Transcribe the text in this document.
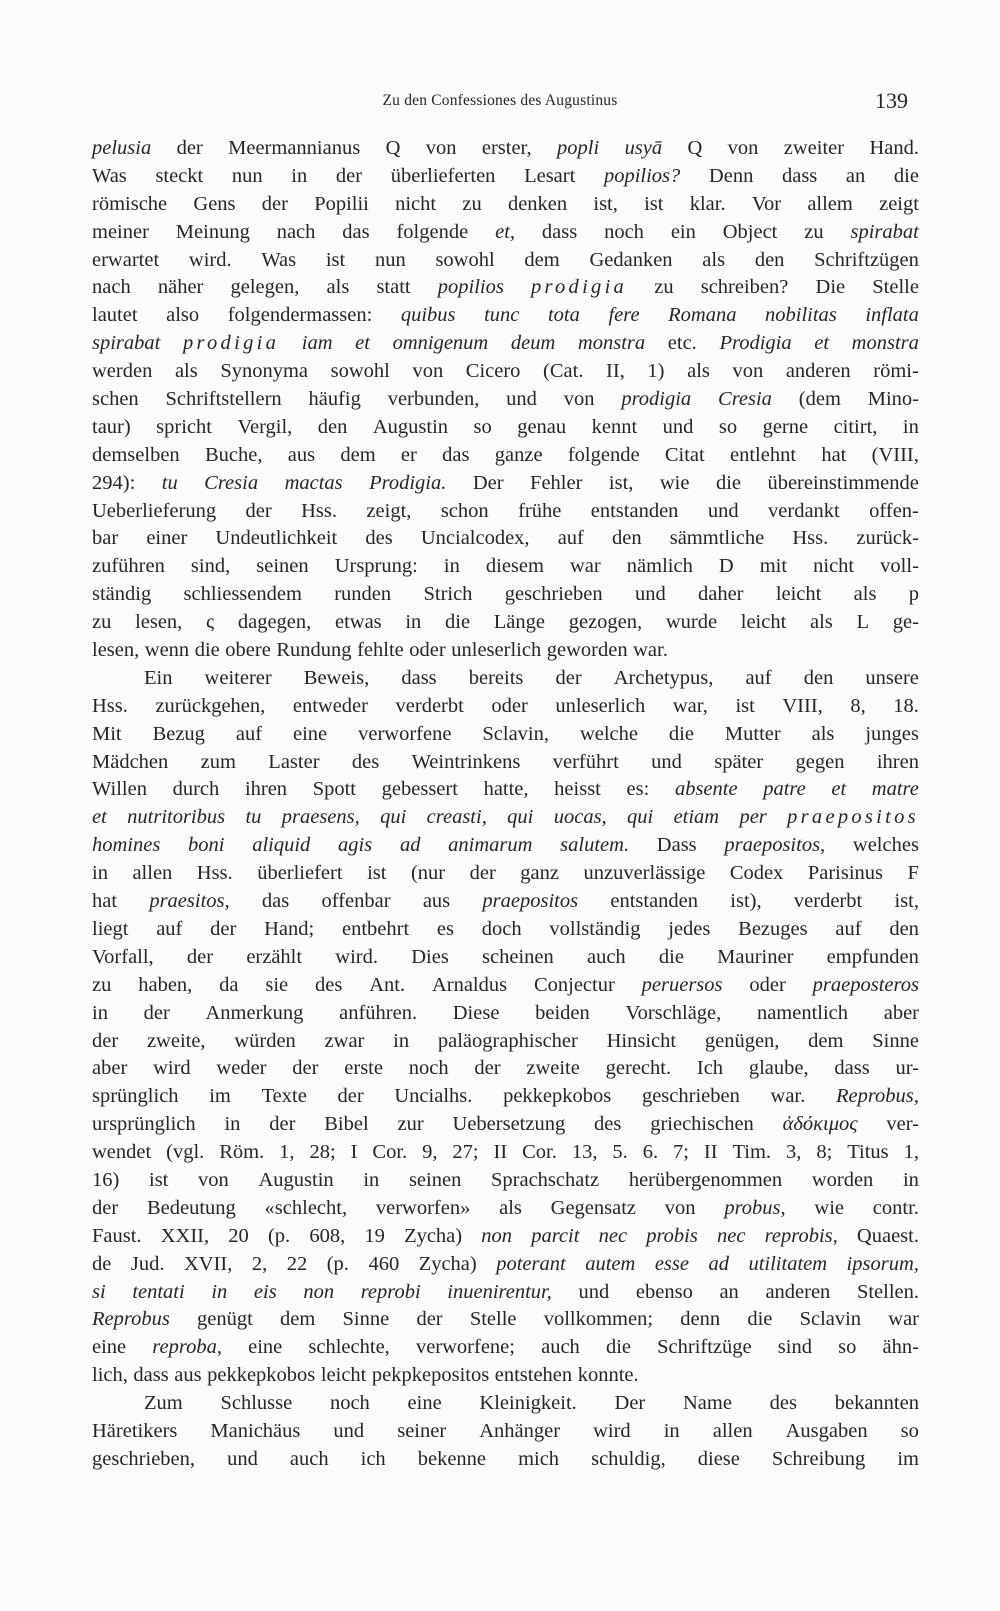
Zu den Confessiones des Augustinus	139
pelusia der Meermannianus Q von erster, popli usyā Q von zweiter Hand.
Was steckt nun in der überlieferten Lesart popilios? Denn dass an die
römische Gens der Popilii nicht zu denken ist, ist klar. Vor allem zeigt
meiner Meinung nach das folgende et, dass noch ein Object zu spirabat
erwartet wird. Was ist nun sowohl dem Gedanken als den Schriftzügen
nach näher gelegen, als statt popilios prodigia zu schreiben? Die Stelle
lautet also folgendermassen: quibus tunc tota fere Romana nobilitas inflata
spirabat prodigia iam et omnigenum deum monstra etc. Prodigia et monstra
werden als Synonyma sowohl von Cicero (Cat. II, 1) als von anderen römi-
schen Schriftstellern häufig verbunden, und von prodigia Cresia (dem Mino-
taur) spricht Vergil, den Augustin so genau kennt und so gerne citirt, in
demselben Buche, aus dem er das ganze folgende Citat entlehnt hat (VIII,
294): tu Cresia mactas Prodigia. Der Fehler ist, wie die übereinstimmende
Ueberlieferung der Hss. zeigt, schon frühe entstanden und verdankt offen-
bar einer Undeutlichkeit des Uncialcodex, auf den sämmtliche Hss. zurück-
zuführen sind, seinen Ursprung: in diesem war nämlich D mit nicht voll-
ständig schliessendem runden Strich geschrieben und daher leicht als p
zu lesen, ς dagegen, etwas in die Länge gezogen, wurde leicht als L ge-
lesen, wenn die obere Rundung fehlte oder unleserlich geworden war.
Ein weiterer Beweis, dass bereits der Archetypus, auf den unsere
Hss. zurückgehen, entweder verderbt oder unleserlich war, ist VIII, 8, 18.
Mit Bezug auf eine verworfene Sclavin, welche die Mutter als junges
Mädchen zum Laster des Weintrinkens verführt und später gegen ihren
Willen durch ihren Spott gebessert hatte, heisst es: absente patre et matre
et nutritoribus tu praesens, qui creasti, qui uocas, qui etiam per praepositos
homines boni aliquid agis ad animarum salutem. Dass praepositos, welches
in allen Hss. überliefert ist (nur der ganz unzuverlässige Codex Parisinus F
hat praesitos, das offenbar aus praepositos entstanden ist), verderbt ist,
liegt auf der Hand; entbehrt es doch vollständig jedes Bezuges auf den
Vorfall, der erzählt wird. Dies scheinen auch die Mauriner empfunden
zu haben, da sie des Ant. Arnaldus Conjectur peruersos oder praeposteros
in der Anmerkung anführen. Diese beiden Vorschläge, namentlich aber
der zweite, würden zwar in paläographischer Hinsicht genügen, dem Sinne
aber wird weder der erste noch der zweite gerecht. Ich glaube, dass ur-
sprünglich im Texte der Uncialhs. pekkepkobos geschrieben war. Reprobus,
ursprünglich in der Bibel zur Uebersetzung des griechischen ἀδόκιμος ver-
wendet (vgl. Röm. 1, 28; I Cor. 9, 27; II Cor. 13, 5. 6. 7; II Tim. 3, 8; Titus 1,
16) ist von Augustin in seinen Sprachschatz herübergenommen worden in
der Bedeutung «schlecht, verworfen» als Gegensatz von probus, wie contr.
Faust. XXII, 20 (p. 608, 19 Zycha) non parcit nec probis nec reprobis, Quaest.
de Jud. XVII, 2, 22 (p. 460 Zycha) poterant autem esse ad utilitatem ipsorum,
si tentati in eis non reprobi inuenirentur, und ebenso an anderen Stellen.
Reprobus genügt dem Sinne der Stelle vollkommen; denn die Sclavin war
eine reproba, eine schlechte, verworfene; auch die Schriftzüge sind so ähn-
lich, dass aus pekkepkobos leicht pekpkepositos entstehen konnte.
Zum Schlusse noch eine Kleinigkeit. Der Name des bekannten
Häretikers Manichäus und seiner Anhänger wird in allen Ausgaben so
geschrieben, und auch ich bekenne mich schuldig, diese Schreibung im
